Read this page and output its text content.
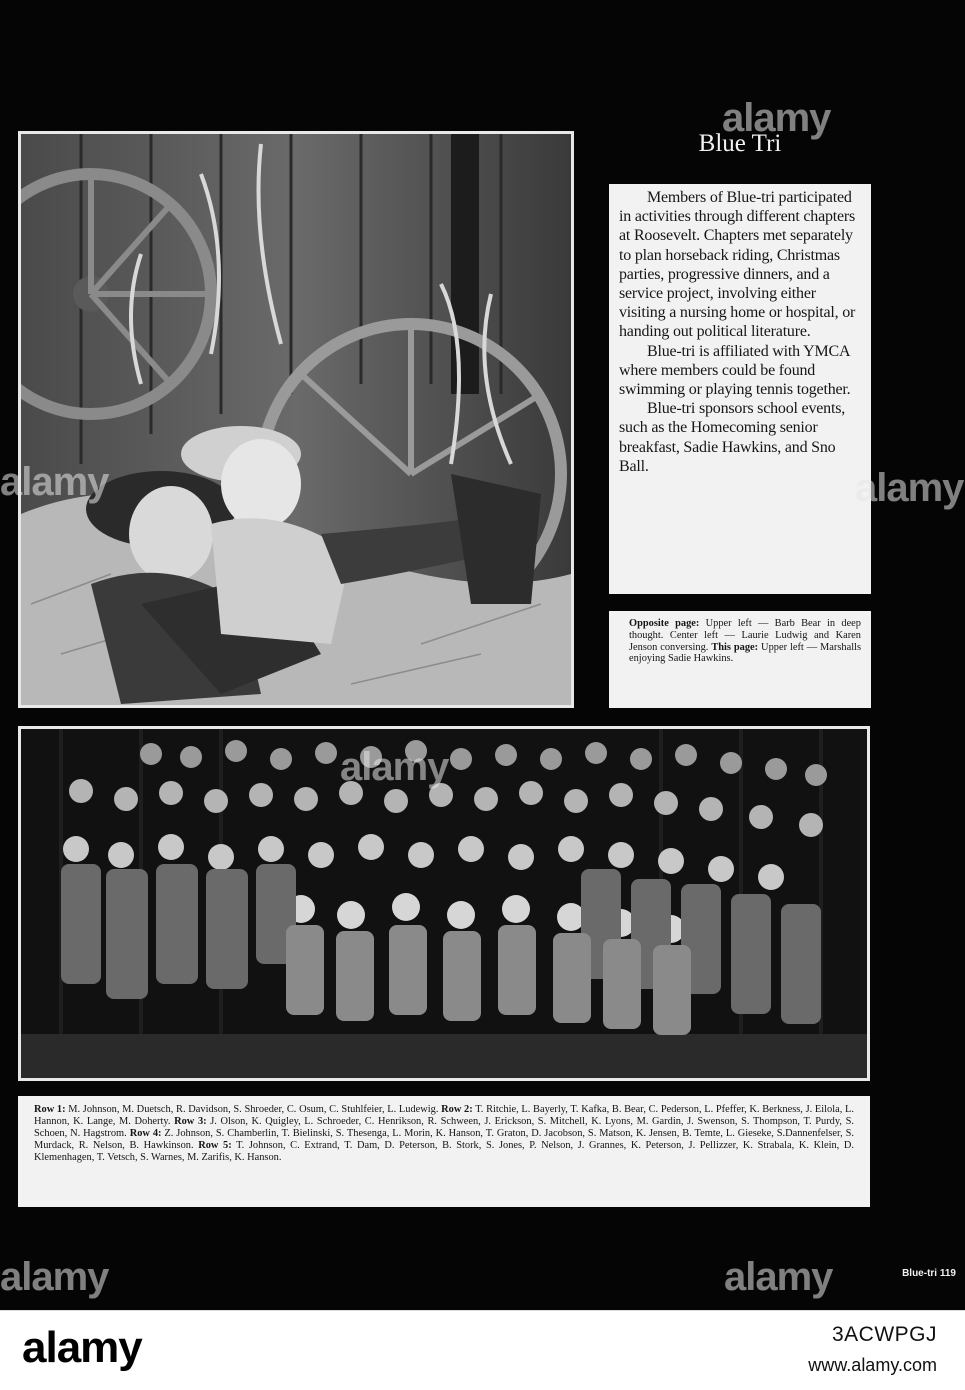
Blue Tri

Members of Blue-tri participated in activities through different chapters at Roosevelt. Chapters met separately to plan horseback riding, Christmas parties, progressive dinners, and a service project, involving either visiting a nursing home or hospital, or handing out political literature.

Blue-tri is affiliated with YMCA where members could be found swimming or playing tennis together.

Blue-tri sponsors school events, such as the Homecoming senior breakfast, Sadie Hawkins, and Sno Ball.

Opposite page: Upper left — Barb Bear in deep thought. Center left — Laurie Ludwig and Karen Jenson conversing. This page: Upper left — Marshalls enjoying Sadie Hawkins.
Row 1: M. Johnson, M. Duetsch, R. Davidson, S. Shroeder, C. Osum, C. Stuhlfeier, L. Ludewig. Row 2: T. Ritchie, L. Bayerly, T. Kafka, B. Bear, C. Pederson, L. Pfeffer, K. Berkness, J. Eilola, L. Hannon, K. Lange, M. Doherty. Row 3: J. Olson, K. Quigley, L. Schroeder, C. Henrikson, R. Schween, J. Erickson, S. Mitchell, K. Lyons, M. Gardin, J. Swenson, S. Thompson, T. Purdy, S. Schoen, N. Hagstrom. Row 4: Z. Johnson, S. Chamberlin, T. Bielinski, S. Thesenga, L. Morin, K. Hanson, T. Graton, D. Jacobson, S. Matson, K. Jensen, B. Temte, L. Gieseke, S.Dannenfelser, S. Murdack, R. Nelson, B. Hawkinson. Row 5: T. Johnson, C. Extrand, T. Dam, D. Peterson, B. Stork, S. Jones, P. Nelson, J. Grannes, K. Peterson, J. Pellizzer, K. Strabala, K. Klein, D. Klemenhagen, T. Vetsch, S. Warnes, M. Zarifis, K. Hanson.
Blue-tri 119
alamy
alamy	alamy
alamy
alamy	alamy
alamy	3ACWPGJ
www.alamy.com
